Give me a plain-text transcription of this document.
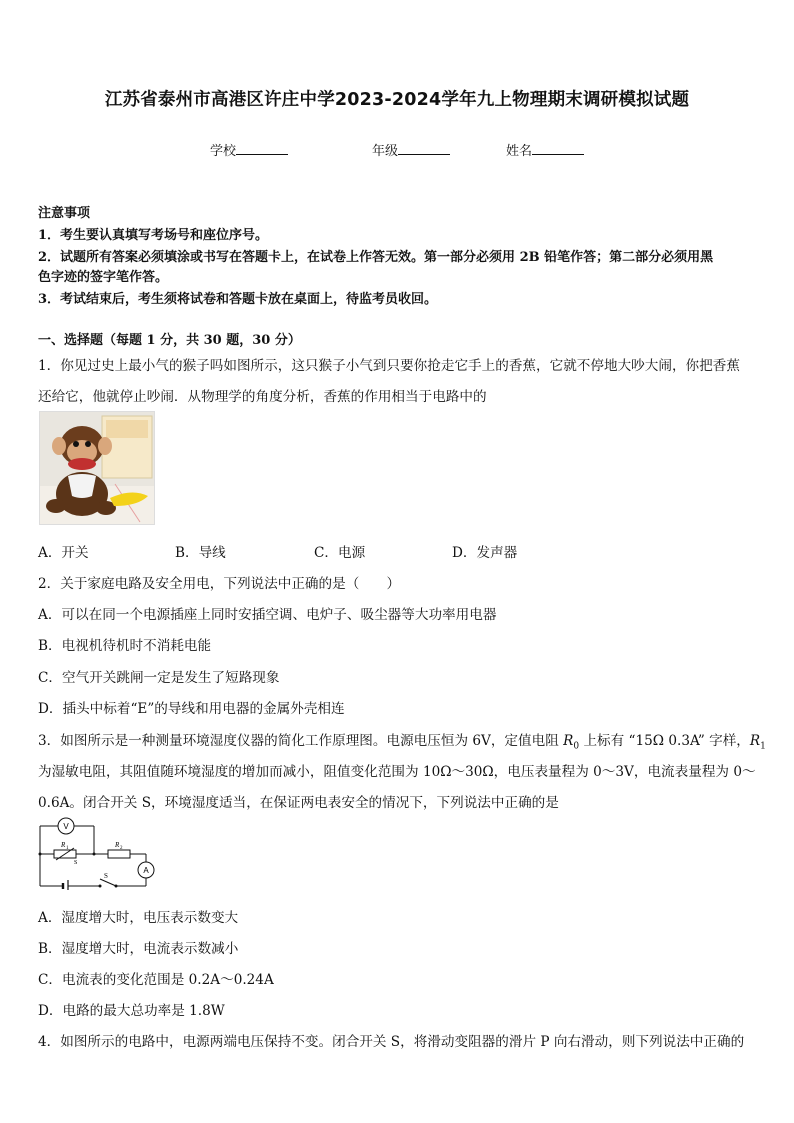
江苏省泰州市高港区许庄中学2023-2024学年九上物理期末调研模拟试题
学校	年级	姓名
注意事项
1．考生要认真填写考场号和座位序号。
2．试题所有答案必须填涂或书写在答题卡上，在试卷上作答无效。第一部分必须用 2B 铅笔作答；第二部分必须用黑
色字迹的签字笔作答。
3．考试结束后，考生须将试卷和答题卡放在桌面上，待监考员收回。
一、选择题（每题 1 分，共 30 题，30 分）
1．你见过史上最小气的猴子吗如图所示，这只猴子小气到只要你抢走它手上的香蕉，它就不停地大吵大闹，你把香蕉
还给它，他就停止吵闹．从物理学的角度分析，香蕉的作用相当于电路中的
A．开关	B．导线	C．电源	D．发声器
2．关于家庭电路及安全用电，下列说法中正确的是（　　）
A．可以在同一个电源插座上同时安插空调、电炉子、吸尘器等大功率用电器
B．电视机待机时不消耗电能
C．空气开关跳闸一定是发生了短路现象
D．插头中标着“E”的导线和用电器的金属外壳相连
3．如图所示是一种测量环境湿度仪器的简化工作原理图。电源电压恒为 6V，定值电阻 $R_0$ 上标有 “15Ω 0.3A” 字样，$R_1$
为湿敏电阻，其阻值随环境湿度的增加而减小，阻值变化范围为 10Ω～30Ω，电压表量程为 0～3V，电流表量程为 0～
0.6A。闭合开关 S，环境湿度适当，在保证两电表安全的情况下，下列说法中正确的是
V
A
R 1	R 2
S
S
A．湿度增大时，电压表示数变大
B．湿度增大时，电流表示数减小
C．电流表的变化范围是 0.2A～0.24A
D．电路的最大总功率是 1.8W
4．如图所示的电路中，电源两端电压保持不变。闭合开关 S，将滑动变阻器的滑片 P 向右滑动，则下列说法中正确的
